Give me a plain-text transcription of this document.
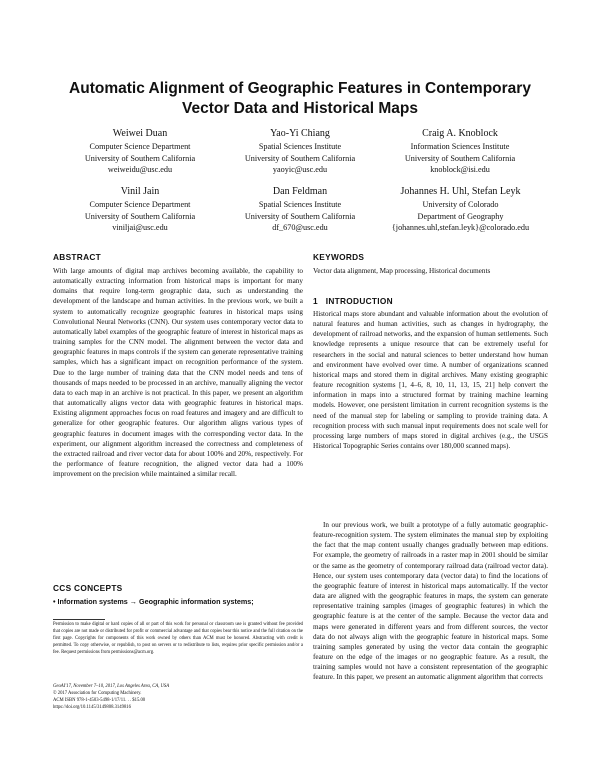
Automatic Alignment of Geographic Features in Contemporary
Vector Data and Historical Maps
Weiwei Duan
Computer Science Department
University of Southern California
weiweidu@usc.edu
Yao-Yi Chiang
Spatial Sciences Institute
University of Southern California
yaoyic@usc.edu
Craig A. Knoblock
Information Sciences Institute
University of Southern California
knoblock@isi.edu
Vinil Jain
Computer Science Department
University of Southern California
viniljai@usc.edu
Dan Feldman
Spatial Sciences Institute
University of Southern California
df_670@usc.edu
Johannes H. Uhl, Stefan Leyk
University of Colorado
Department of Geography
{johannes.uhl,stefan.leyk}@colorado.edu
ABSTRACT
With large amounts of digital map archives becoming available, the capability to automatically extracting information from historical maps is important for many domains that require long-term geographic data, such as understanding the development of the landscape and human activities. In the previous work, we built a system to automatically recognize geographic features in historical maps using Convolutional Neural Networks (CNN). Our system uses contemporary vector data to automatically label examples of the geographic feature of interest in historical maps as training samples for the CNN model. The alignment between the vector data and geographic features in maps controls if the system can generate representative training samples, which has a significant impact on recognition performance of the system. Due to the large number of training data that the CNN model needs and tens of thousands of maps needed to be processed in an archive, manually aligning the vector data to each map in an archive is not practical. In this paper, we present an algorithm that automatically aligns vector data with geographic features in historical maps. Existing alignment approaches focus on road features and imagery and are difficult to generalize for other geographic features. Our algorithm aligns various types of geographic features in document images with the corresponding vector data. In the experiment, our alignment algorithm increased the correctness and completeness of the extracted railroad and river vector data for about 100% and 20%, respectively. For the performance of feature recognition, the aligned vector data had a 100% improvement on the precision while maintained a similar recall.
CCS CONCEPTS
• Information systems → Geographic information systems;
Permission to make digital or hard copies of all or part of this work for personal or classroom use is granted without fee provided that copies are not made or distributed for profit or commercial advantage and that copies bear this notice and the full citation on the first page. Copyrights for components of this work owned by others than ACM must be honored. Abstracting with credit is permitted. To copy otherwise, or republish, to post on servers or to redistribute to lists, requires prior specific permission and/or a fee. Request permissions from permissions@acm.org.
GeoAI'17, November 7–10, 2017, Los Angeles Area, CA, USA
© 2017 Association for Computing Machinery.
ACM ISBN 978-1-4503-5498-1/17/11. . . $15.00
https://doi.org/10.1145/3149808.3149816
KEYWORDS
Vector data alignment, Map processing, Historical documents
1   INTRODUCTION
Historical maps store abundant and valuable information about the evolution of natural features and human activities, such as changes in hydrography, the development of railroad networks, and the expansion of human settlements. Such knowledge represents a unique resource that can be extremely useful for researchers in the social and natural sciences to better understand how human and environment have evolved over time. A number of organizations scanned historical maps and stored them in digital archives. Many existing geographic feature recognition systems [1, 4–6, 8, 10, 11, 13, 15, 21] help convert the information in maps into a structured format by training machine learning models. However, one persistent limitation in current recognition systems is the need of the manual step for labeling or sampling to provide training data. A recognition process with such manual input requirements does not scale well for processing large numbers of maps stored in digital archives (e.g., the USGS Historical Topographic Series contains over 180,000 scanned maps).
In our previous work, we built a prototype of a fully automatic geographic-feature-recognition system. The system eliminates the manual step by exploiting the fact that the map content usually changes gradually between map editions. For example, the geometry of railroads in a raster map in 2001 should be similar or the same as the geometry of contemporary railroad data (railroad vector data). Hence, our system uses contemporary data (vector data) to find the locations of the geographic feature of interest in historical maps automatically. If the vector data are aligned with the geographic features in maps, the system can generate representative training samples (images of geographic features) in which the geographic feature is at the center of the sample. Because the vector data and maps were generated in different years and from different sources, the vector data do not always align with the geographic feature in historical maps. Some training samples generated by using the vector data contain the geographic feature on the edge of the images or no geographic feature. As a result, the training samples would not have a consistent representation of the geographic feature. In this paper, we present an automatic alignment algorithm that corrects
